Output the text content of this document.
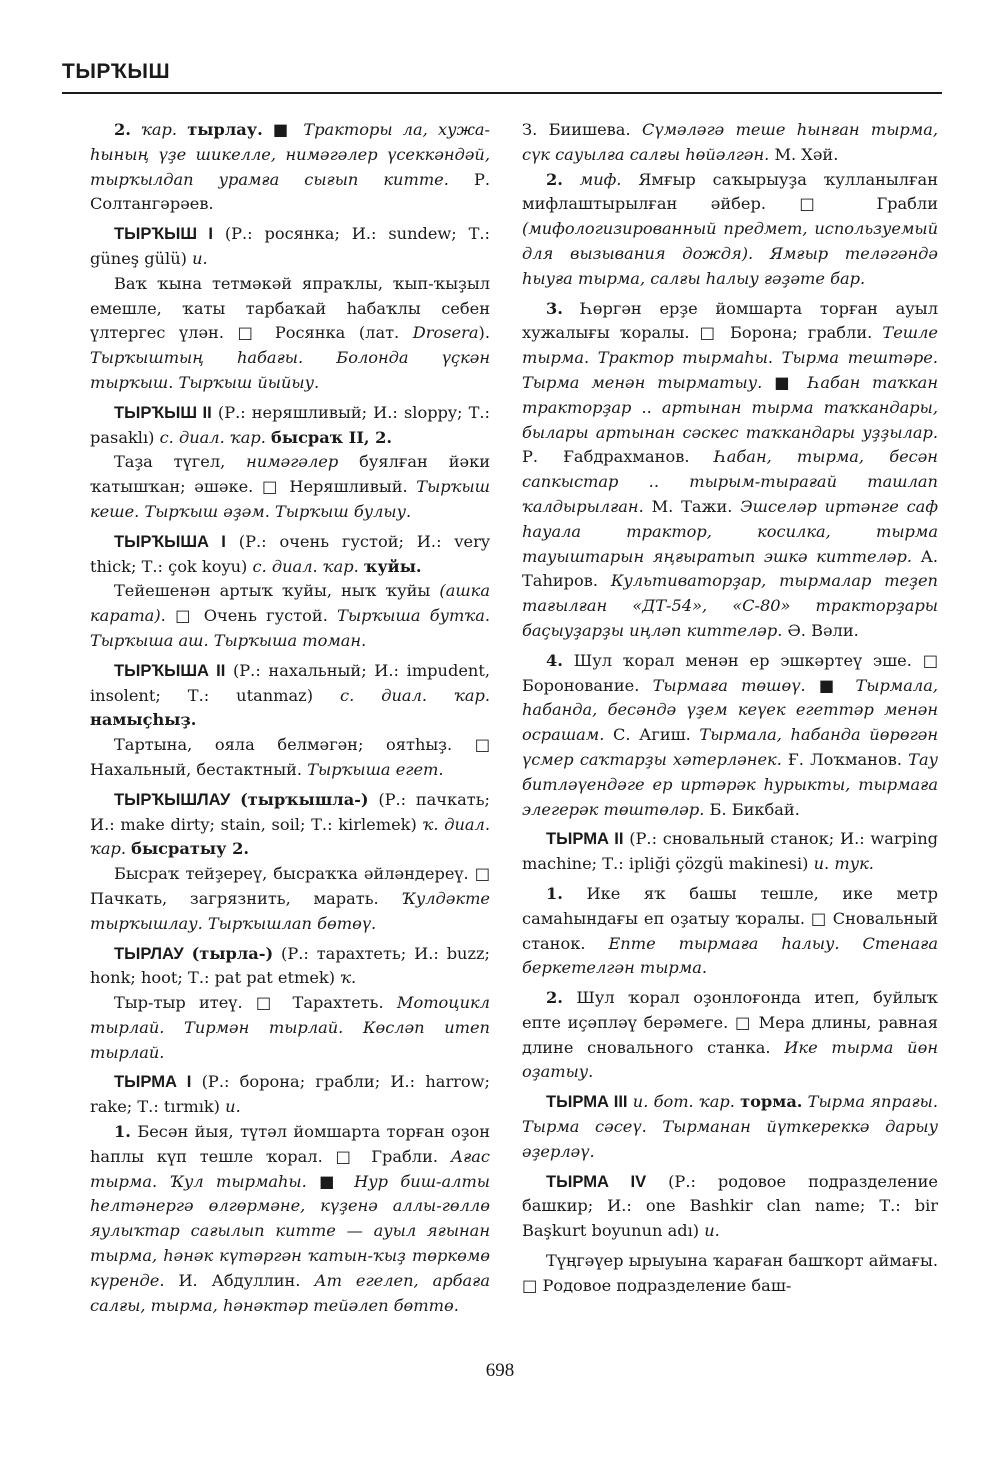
ТЫРҠЫШ

2. ҡар. тырлау. ■ Тракторы ла, хужа-һының үҙе шикелле, нимәгәлер үсеккәндәй, тырҡылдап урамға сығып китте. Р. Солтангәрәев.

ТЫРҠЫШ I (Р.: росянка; И.: sundew; Т.: güneş gülü) и.

Ваҡ ҡына тетмәкәй япраҡлы, ҡып-ҡыҙыл емешле, ҡаты тарбаҡай һабаҡлы себен үлтергес үлән. □ Росянка (лат. Drosera). Тырҡыштың һабағы. Болонда үҫкән тырҡыш. Тырҡыш йыйыу.

ТЫРҠЫШ II (Р.: неряшливый; И.: sloppy; Т.: pasaklı) с. диал. ҡар. бысраҡ II, 2.

Таҙа түгел, нимәгәлер буялған йәки ҡатышҡан; әшәке. □ Неряшливый. Тырҡыш кеше. Тырҡыш әҙәм. Тырҡыш булыу.

ТЫРҠЫША I (Р.: очень густой; И.: very thick; Т.: çok koyu) с. диал. ҡар. ҡуйы.

Тейешенән артыҡ ҡуйы, ныҡ ҡуйы (ашка карата). □ Очень густой. Тырҡыша бутҡа. Тырҡыша аш. Тырҡыша томан.

ТЫРҠЫША II (Р.: нахальный; И.: impudent, insolent; Т.: utanmaz) с. диал. ҡар. намыҫһыҙ.

Тартына, ояла белмәгән; оятһыҙ. □ Нахальный, бестактный. Тырҡыша егет.

ТЫРҠЫШЛАУ (тырҡышла-) (Р.: пачкать; И.: make dirty; stain, soil; Т.: kirlemek) ҡ. диал. ҡар. бысратыу 2.

Бысраҡ тейҙереү, бысраҡҡа әйләндереү. □ Пачкать, загрязнить, марать. Ҡулдәкте тырҡышлау. Тырҡышлап бөтөү.

ТЫРЛАУ (тырла-) (Р.: тарахтеть; И.: buzz; honk; hoot; Т.: pat pat etmek) ҡ.

Тыр-тыр итеү. □ Тарахтеть. Мотоцикл тырлай. Тирмән тырлай. Көсләп итеп тырлай.

ТЫРМА I (Р.: борона; грабли; И.: harrow; rake; Т.: tırmık) и.

1. Бесән йыя, түтәл йомшарта торған оҙон һаплы күп тешле ҡорал. □ Грабли. Ағас тырма. Ҡул тырмаһы. ■ Нур биш-алты һелтәнергә өлгөрмәне, күҙенә аллы-гөллө яулыҡтар сағылып китте — ауыл яғынан тырма, һәнәк күтәргән ҡатын-ҡыҙ төркөмө күренде. И. Абдуллин. Ат егелеп, арбаға салғы, тырма, һәнәктәр тейәлеп бөттө.

З. Биишева. Сүмәләгә теше һынған тырма, сүк сауылға салғы һөйәлгән. М. Хәй.

2. миф. Ямғыр саҡырыуҙа ҡулланылған мифлаштырылған әйбер. □ Грабли (мифологизированный предмет, используемый для вызывания дождя). Ямғыр теләгәндә һыуға тырма, салғы һалыу ғәҙәте бар.

3. Һөргән ерҙе йомшарта торған ауыл хужалығы ҡоралы. □ Борона; грабли. Тешле тырма. Трактор тырмаһы. Тырма тештәре. Тырма менән тырматыу. ■ Һабан таҡкан тракторҙар .. артынан тырма таҡкандары, былары артынан сәскес таҡкандары уҙҙылар. Р. Ғабдрахманов. Һабан, тырма, бесән сапкыстар .. тырым-тырағай ташлап ҡалдырылған. М. Тажи. Эшселәр иртәнге саф һауала трактор, косилка, тырма тауыштарын яңғыратып эшкә киттеләр. А. Таһиров. Культиваторҙар, тырмалар теҙеп тағылған «ДТ-54», «С-80» тракторҙары баҫыуҙарҙы иңләп киттеләр. Ә. Вәли.

4. Шул ҡорал менән ер эшкәртеү эше. □ Боронование. Тырмаға төшөү. ■ Тырмала, һабанда, бесәндә үҙем кеүек егеттәр менән осрашам. С. Агиш. Тырмала, һабанда йөрөгән үсмер саҡтарҙы хәтерләнек. Ғ. Лоҡманов. Тау битләүендәге ер иртәрәк һурыкты, тырмаға элегерәк төштөләр. Б. Бикбай.

ТЫРМА II (Р.: сновальный станок; И.: warping machine; Т.: ipliği çözgü makinesi) и. тук.

1. Ике яҡ башы тешле, ике метр самаһындағы еп оҙатыу ҡоралы. □ Сновальный станок. Епте тырмаға һалыу. Стенаға беркетелгән тырма.

2. Шул ҡорал оҙонлоғонда итеп, буйлыҡ епте иҫәпләү берәмеге. □ Мера длины, равная длине сновального станка. Ике тырма йөн оҙатыу.

ТЫРМА III и. бот. ҡар. торма. Тырма япрағы. Тырма сәсеү. Тырманан йүткереккә дарыу әҙерләү.

ТЫРМА IV (Р.: родовое подразделение башкир; И.: one Bashkir clan name; Т.: bir Başkurt boyunun adı) и.

Түңгәүер ырыуына ҡараған башҡорт аймағы. □ Родовое подразделение баш-

698
